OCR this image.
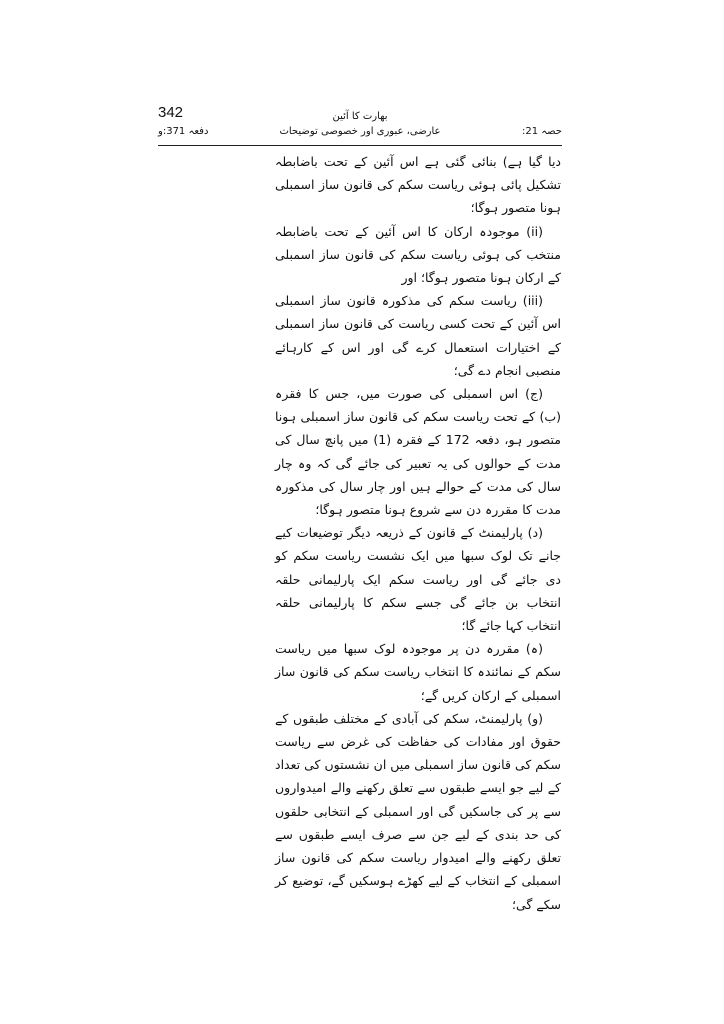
342	بھارت کا آئین
حصہ 21:
عارضی، عبوری اور خصوصی توضیحات
دفعہ 371:و

دیا گیا ہے) بنائی گئی ہے اس آئین کے تحت باضابطہ تشکیل پائی ہوئی ریاست سکم کی قانون ساز اسمبلی ہونا متصور ہوگا؛

(ii) موجودہ ارکان کا اس آئین کے تحت باضابطہ منتخب کی ہوئی ریاست سکم کی قانون ساز اسمبلی کے ارکان ہونا متصور ہوگا؛ اور

(iii) ریاست سکم کی مذکورہ قانون ساز اسمبلی اس آئین کے تحت کسی ریاست کی قانون ساز اسمبلی کے اختیارات استعمال کرے گی اور اس کے کارہائے منصبی انجام دے گی؛

(ج) اس اسمبلی کی صورت میں، جس کا فقرہ (ب) کے تحت ریاست سکم کی قانون ساز اسمبلی ہونا متصور ہو، دفعہ 172 کے فقرہ (1) میں پانچ سال کی مدت کے حوالوں کی یہ تعبیر کی جائے گی کہ وہ چار سال کی مدت کے حوالے ہیں اور چار سال کی مذکورہ مدت کا مقررہ دن سے شروع ہونا متصور ہوگا؛

(د) پارلیمنٹ کے قانون کے ذریعہ دیگر توضیعات کیے جانے تک لوک سبھا میں ایک نشست ریاست سکم کو دی جائے گی اور ریاست سکم ایک پارلیمانی حلقہ انتخاب بن جائے گی جسے سکم کا پارلیمانی حلقہ انتخاب کہا جائے گا؛

(ہ) مقررہ دن پر موجودہ لوک سبھا میں ریاست سکم کے نمائندہ کا انتخاب ریاست سکم کی قانون ساز اسمبلی کے ارکان کریں گے؛

(و) پارلیمنٹ، سکم کی آبادی کے مختلف طبقوں کے حقوق اور مفادات کی حفاظت کی غرض سے ریاست سکم کی قانون ساز اسمبلی میں ان نشستوں کی تعداد کے لیے جو ایسے طبقوں سے تعلق رکھنے والے امیدواروں سے پر کی جاسکیں گی اور اسمبلی کے انتخابی حلقوں کی حد بندی کے لیے جن سے صرف ایسے طبقوں سے تعلق رکھنے والے امیدوار ریاست سکم کی قانون ساز اسمبلی کے انتخاب کے لیے کھڑے ہوسکیں گے، توضیع کر سکے گی؛
